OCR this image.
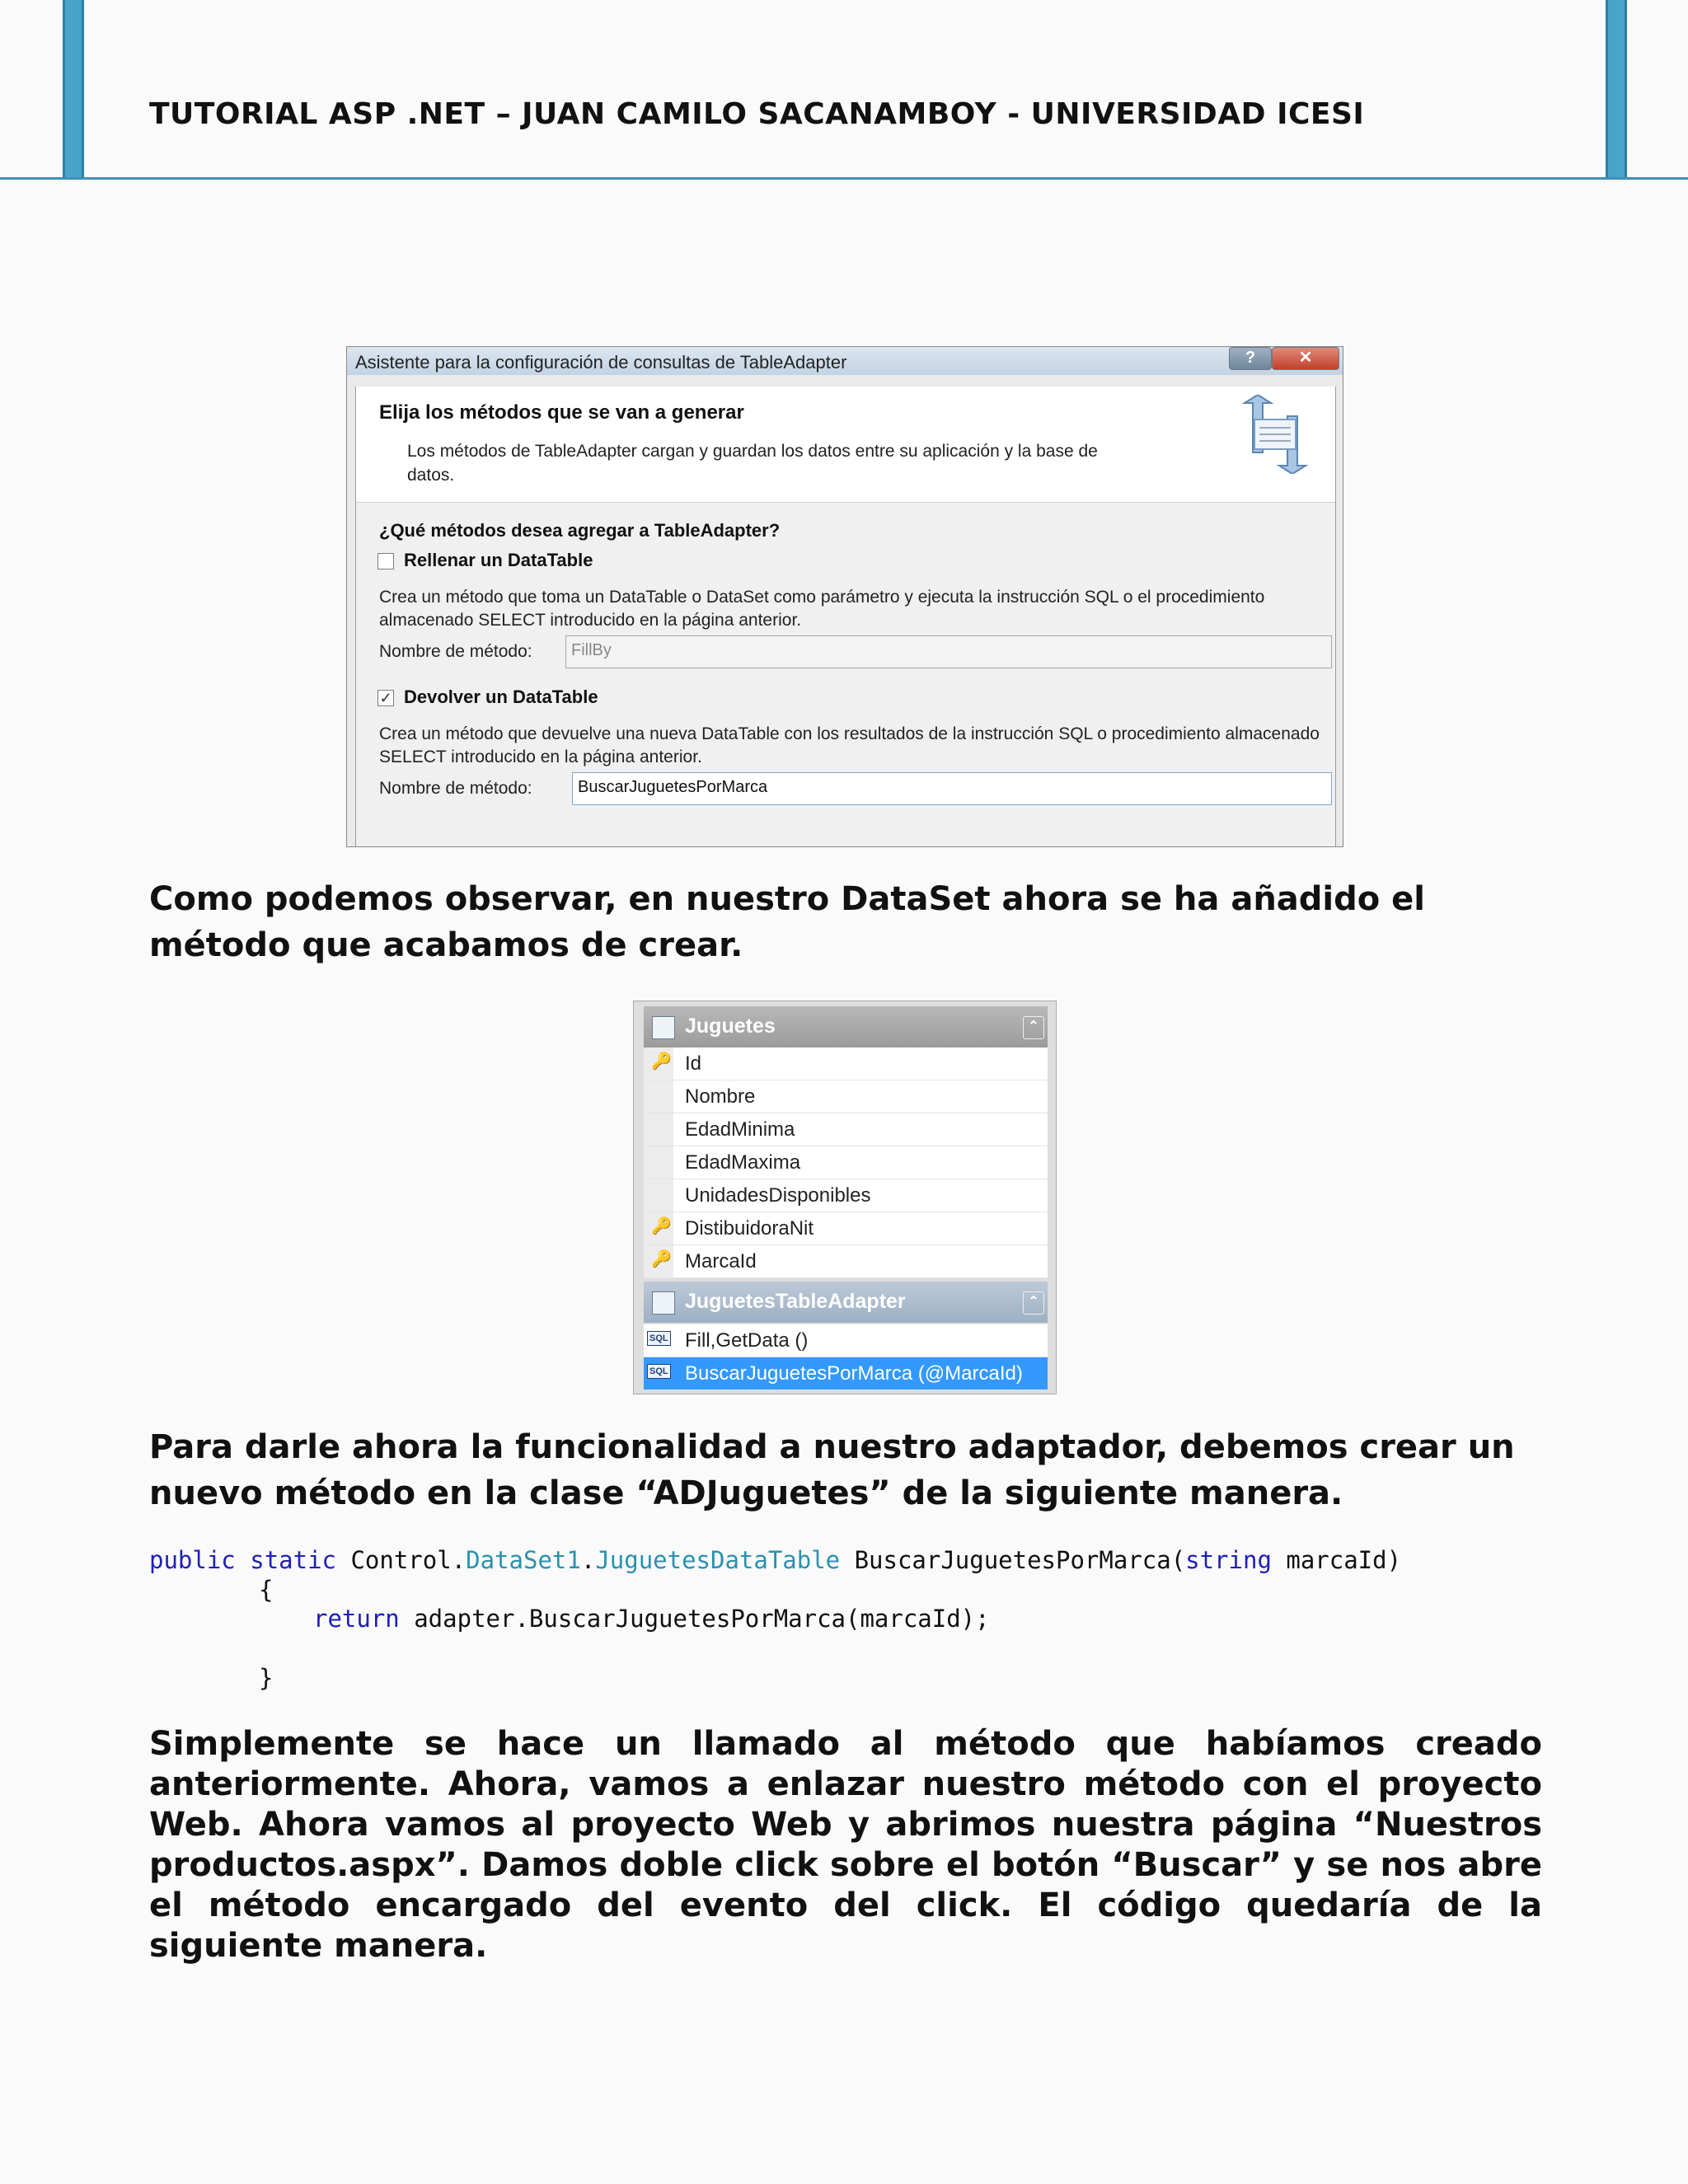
TUTORIAL ASP .NET – JUAN CAMILO SACANAMBOY - UNIVERSIDAD ICESI
Asistente para la configuración de consultas de TableAdapter	?	✕
Elija los métodos que se van a generar
Los métodos de TableAdapter cargan y guardan los datos entre su aplicación y la base de datos.
¿Qué métodos desea agregar a TableAdapter?
Rellenar un DataTable
Crea un método que toma un DataTable o DataSet como parámetro y ejecuta la instrucción SQL o el procedimiento almacenado SELECT introducido en la página anterior.
Nombre de método:	FillBy
✓ Devolver un DataTable
Crea un método que devuelve una nueva DataTable con los resultados de la instrucción SQL o procedimiento almacenado SELECT introducido en la página anterior.
Nombre de método:	BuscarJuguetesPorMarca
Como podemos observar, en nuestro DataSet ahora se ha añadido el método que acabamos de crear.
Juguetes	⌃
🔑 Id
Nombre
EdadMinima
EdadMaxima
UnidadesDisponibles
🔑 DistibuidoraNit
🔑 MarcaId
JuguetesTableAdapter	⌃
SQL Fill,GetData ()
SQL BuscarJuguetesPorMarca (@MarcaId)
Para darle ahora la funcionalidad a nuestro adaptador, debemos crear un nuevo método en la clase “ADJuguetes” de la siguiente manera.
public static Control.DataSet1.JuguetesDataTable BuscarJuguetesPorMarca(string marcaId)
{
return adapter.BuscarJuguetesPorMarca(marcaId);
}
Simplemente se hace un llamado al método que habíamos creado anteriormente. Ahora, vamos a enlazar nuestro método con el proyecto Web. Ahora vamos al proyecto Web y abrimos nuestra página “Nuestros productos.aspx”. Damos doble click sobre el botón “Buscar” y se nos abre el método encargado del evento del click. El código quedaría de la siguiente manera.
